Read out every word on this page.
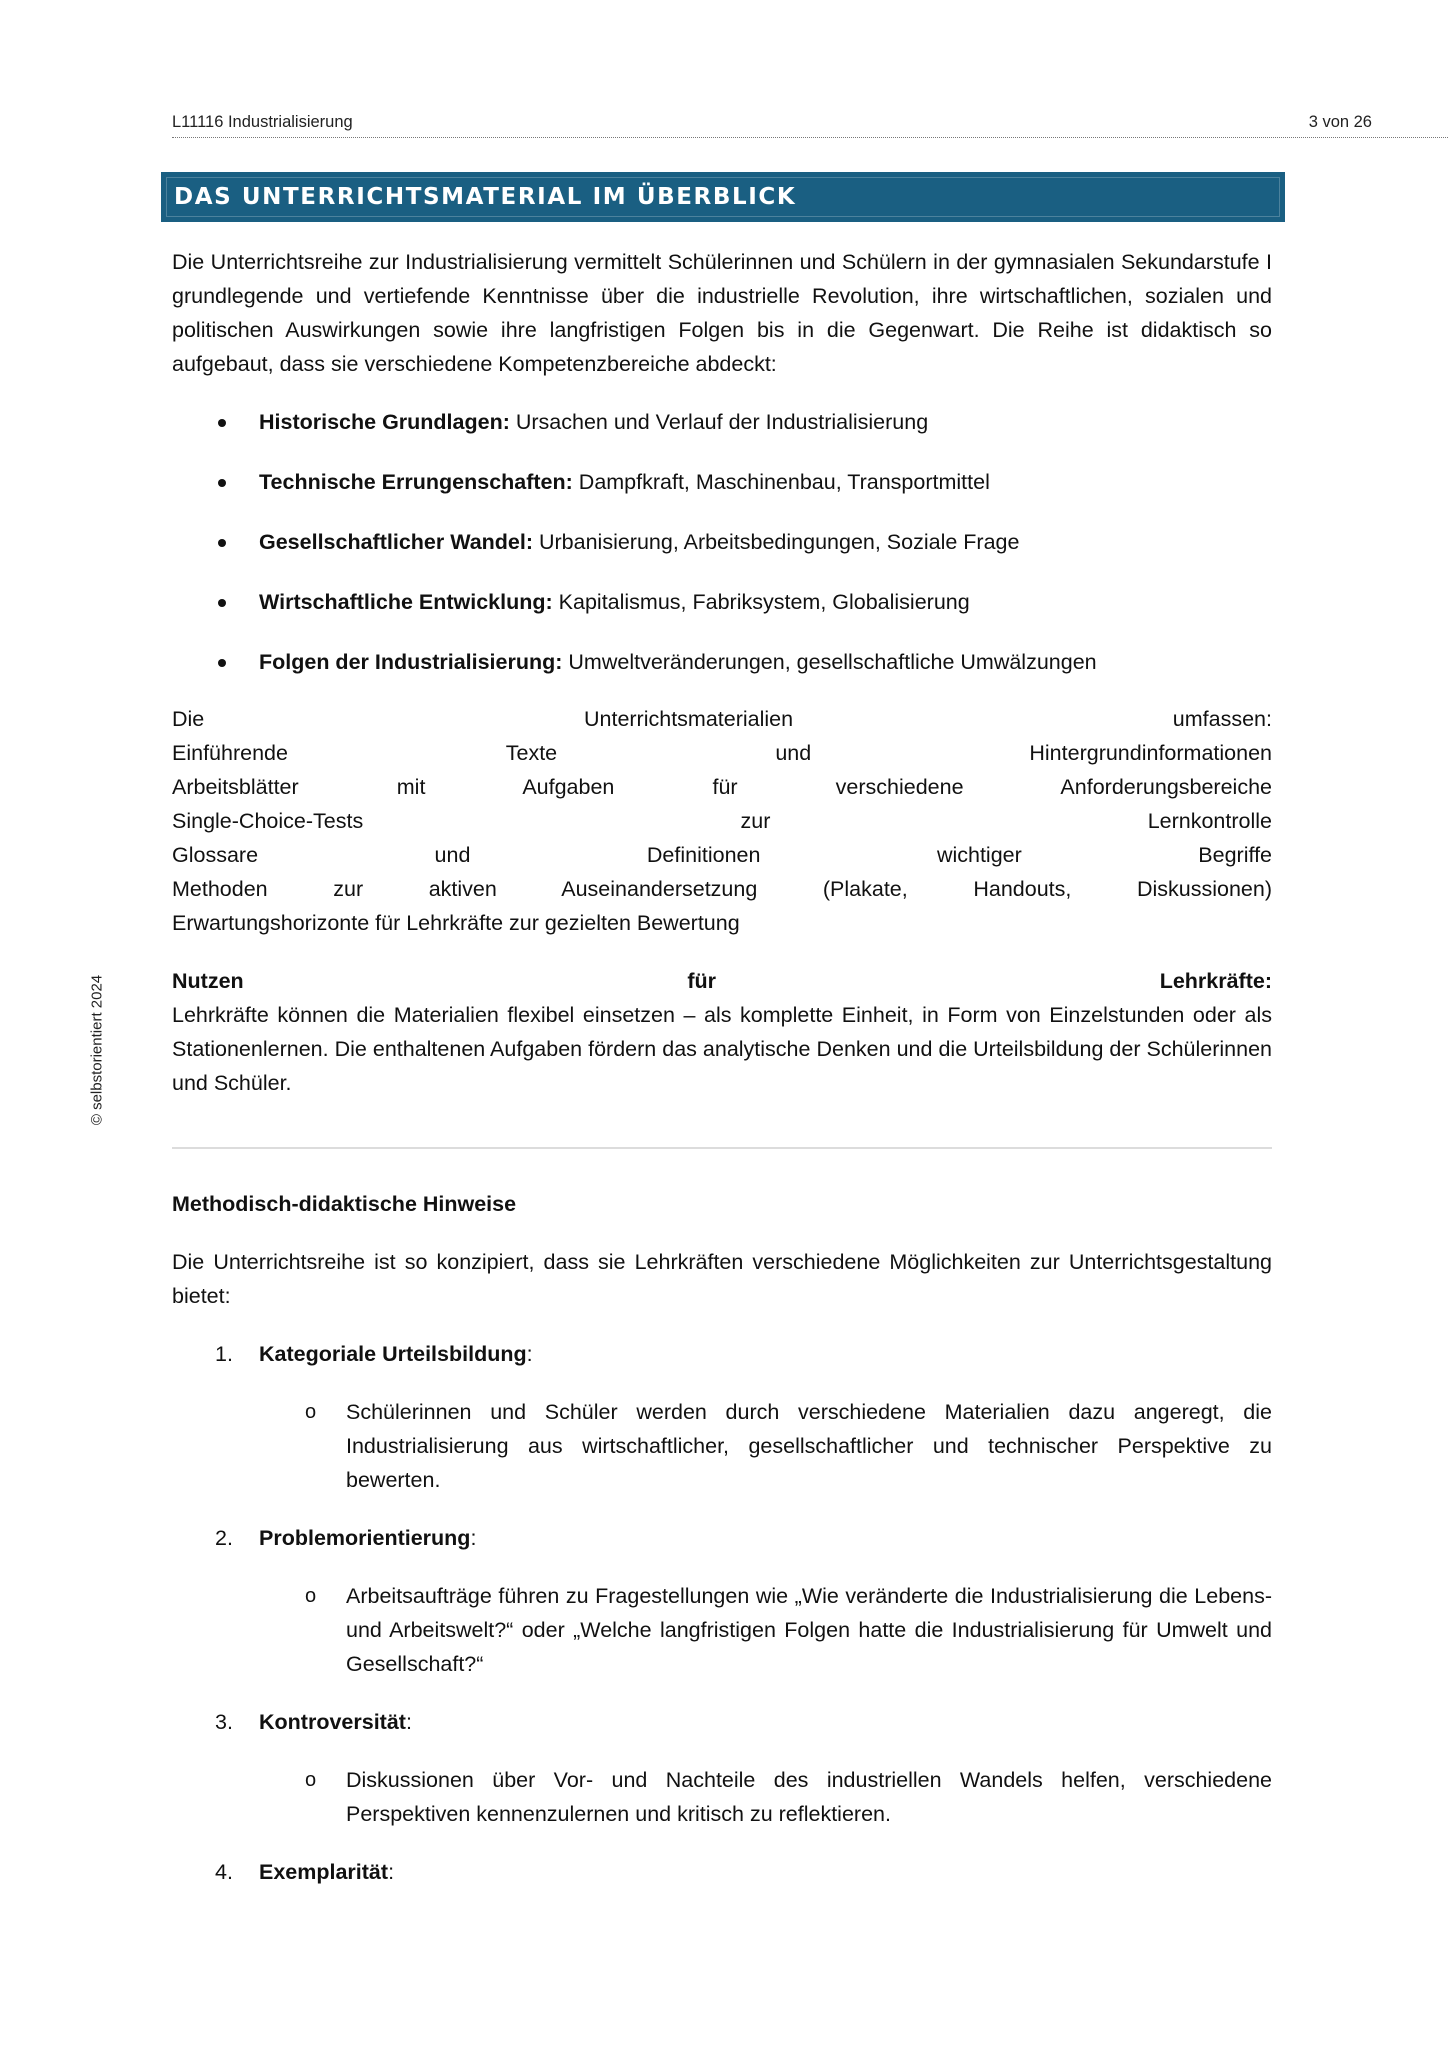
L11116 Industrialisierung	3 von 26
DAS UNTERRICHTSMATERIAL IM ÜBERBLICK
© selbstorientiert 2024

Die Unterrichtsreihe zur Industrialisierung vermittelt Schülerinnen und Schülern in der gymnasialen Sekundarstufe I grundlegende und vertiefende Kenntnisse über die industrielle Revolution, ihre wirtschaftlichen, sozialen und politischen Auswirkungen sowie ihre langfristigen Folgen bis in die Gegenwart. Die Reihe ist didaktisch so aufgebaut, dass sie verschiedene Kompetenzbereiche abdeckt:

Historische Grundlagen: Ursachen und Verlauf der Industrialisierung
Technische Errungenschaften: Dampfkraft, Maschinenbau, Transportmittel
Gesellschaftlicher Wandel: Urbanisierung, Arbeitsbedingungen, Soziale Frage
Wirtschaftliche Entwicklung: Kapitalismus, Fabriksystem, Globalisierung
Folgen der Industrialisierung: Umweltveränderungen, gesellschaftliche Umwälzungen
Die Unterrichtsmaterialien umfassen:
Einführende Texte und Hintergrundinformationen
Arbeitsblätter mit Aufgaben für verschiedene Anforderungsbereiche
Single-Choice-Tests zur Lernkontrolle
Glossare und Definitionen wichtiger Begriffe
Methoden zur aktiven Auseinandersetzung (Plakate, Handouts, Diskussionen)
Erwartungshorizonte für Lehrkräfte zur gezielten Bewertung

Nutzen für Lehrkräfte:

Lehrkräfte können die Materialien flexibel einsetzen – als komplette Einheit, in Form von Einzelstunden oder als Stationenlernen. Die enthaltenen Aufgaben fördern das analytische Denken und die Urteilsbildung der Schülerinnen und Schüler.

Methodisch-didaktische Hinweise

Die Unterrichtsreihe ist so konzipiert, dass sie Lehrkräften verschiedene Möglichkeiten zur Unterrichtsgestaltung bietet:

1. Kategoriale Urteilsbildung:
o Schülerinnen und Schüler werden durch verschiedene Materialien dazu angeregt, die Industrialisierung aus wirtschaftlicher, gesellschaftlicher und technischer Perspektive zu bewerten.

2. Problemorientierung:
o Arbeitsaufträge führen zu Fragestellungen wie „Wie veränderte die Industrialisierung die Lebens- und Arbeitswelt?“ oder „Welche langfristigen Folgen hatte die Industrialisierung für Umwelt und Gesellschaft?“

3. Kontroversität:
o Diskussionen über Vor- und Nachteile des industriellen Wandels helfen, verschiedene Perspektiven kennenzulernen und kritisch zu reflektieren.

4. Exemplarität:
